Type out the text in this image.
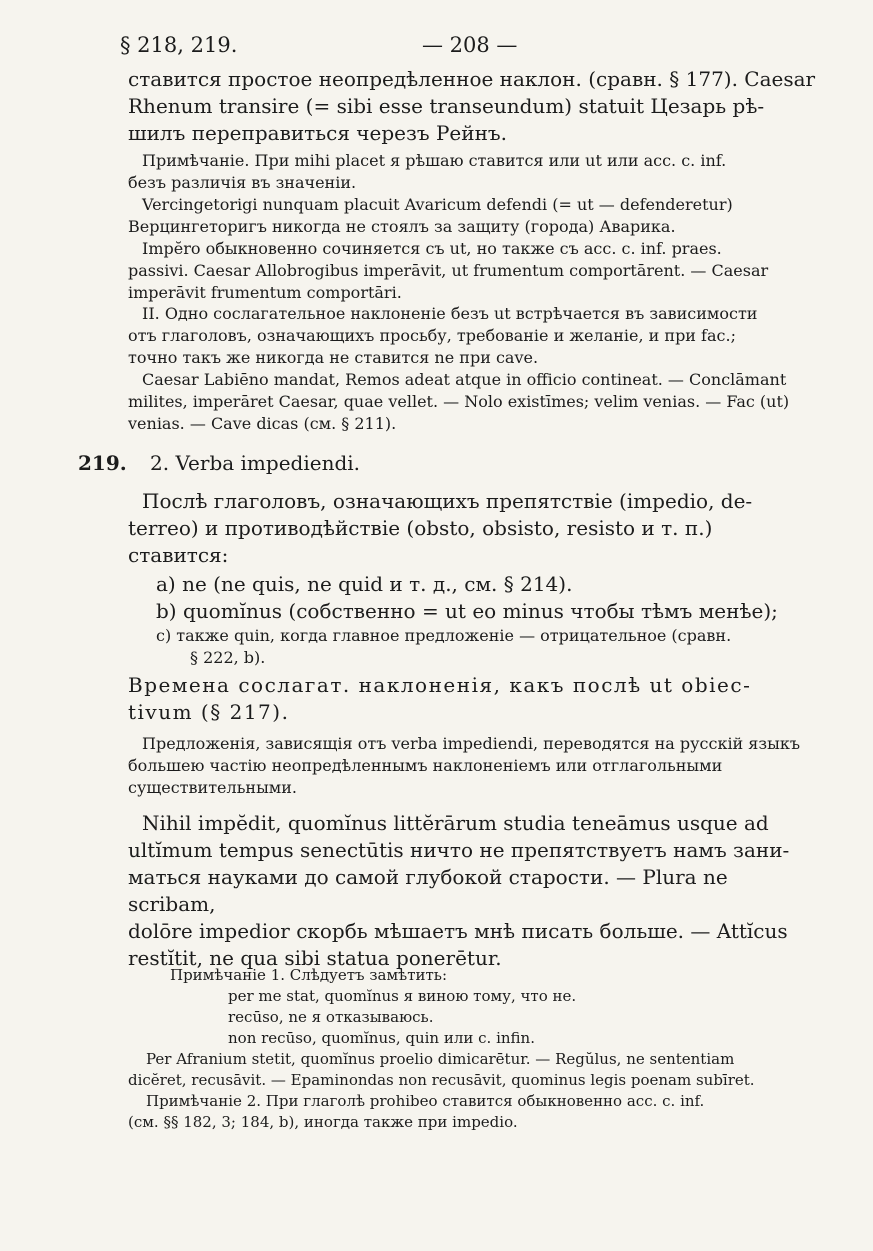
§ 218, 219.	— 208 —

ставится простое неопредѣленное наклон. (сравн. § 177). Caesar

Rhenum transire (= sibi esse transeundum) statuit Цезарь рѣ-

шилъ переправиться черезъ Рейнъ.

Примѣчаніе. При mihi placet я рѣшаю ставится или ut или acc. c. inf.

безъ различія въ значеніи.

Vercingetorigi nunquam placuit Avaricum defendi (= ut — defenderetur)

Верцингеторигъ никогда не стоялъ за защиту (города) Аварика.

Impĕro обыкновенно сочиняется съ ut, но также съ acc. c. inf. praes.

passivi. Caesar Allobrogibus imperāvit, ut frumentum comportārent. — Caesar

imperāvit frumentum comportāri.

II. Одно сослагательное наклоненіе безъ ut встрѣчается въ зависимости

отъ глаголовъ, означающихъ просьбу, требованіе и желаніе, и при fac.;

точно такъ же никогда не ставится ne при cave.

Caesar Labiēno mandat, Remos adeat atque in officio contineat. — Conclāmant

milites, imperāret Caesar, quae vellet. — Nolo existīmes; velim venias. — Fac (ut)

venias. — Cave dicas (см. § 211).

219. 2. Verba impediendi.

Послѣ глаголовъ, означающихъ препятствіе (impedio, de-

terreo) и противодѣйствіе (obsto, obsisto, resisto и т. п.)

ставится:

a) ne (ne quis, ne quid и т. д., см. § 214).

b) quomĭnus (собственно = ut eo minus чтобы тѣмъ менѣе);

c) также quin, когда главное предложеніе — отрицательное (сравн.

§ 222, b).

Времена сослагат. наклоненія, какъ послѣ ut obiec-

tivum (§ 217).

Предложенія, зависящія отъ verba impediendi, переводятся на русскій языкъ

большею частію неопредѣленнымъ наклоненіемъ или отглагольными

существительными.

Nihil impĕdit, quomĭnus littĕrārum studia teneāmus usque ad

ultĭmum tempus senectūtis ничто не препятствуетъ намъ зани-

маться науками до самой глубокой старости. — Plura ne scribam,

dolōre impedior скорбь мѣшаетъ мнѣ писать больше. — Attĭcus

restĭtit, ne qua sibi statua ponerētur.

Примѣчаніе 1. Слѣдуетъ замѣтить:

per me stat, quomĭnus я виною тому, что не.

recūso, ne я отказываюсь.

non recūso, quomĭnus, quin или c. infin.

Per Afranium stetit, quomĭnus proelio dimicarētur. — Regŭlus, ne sententiam

dicĕret, recusāvit. — Epaminondas non recusāvit, quominus legis poenam subīret.

Примѣчаніе 2. При глаголѣ prohibeo ставится обыкновенно acc. c. inf.

(см. §§ 182, 3; 184, b), иногда также при impedio.
